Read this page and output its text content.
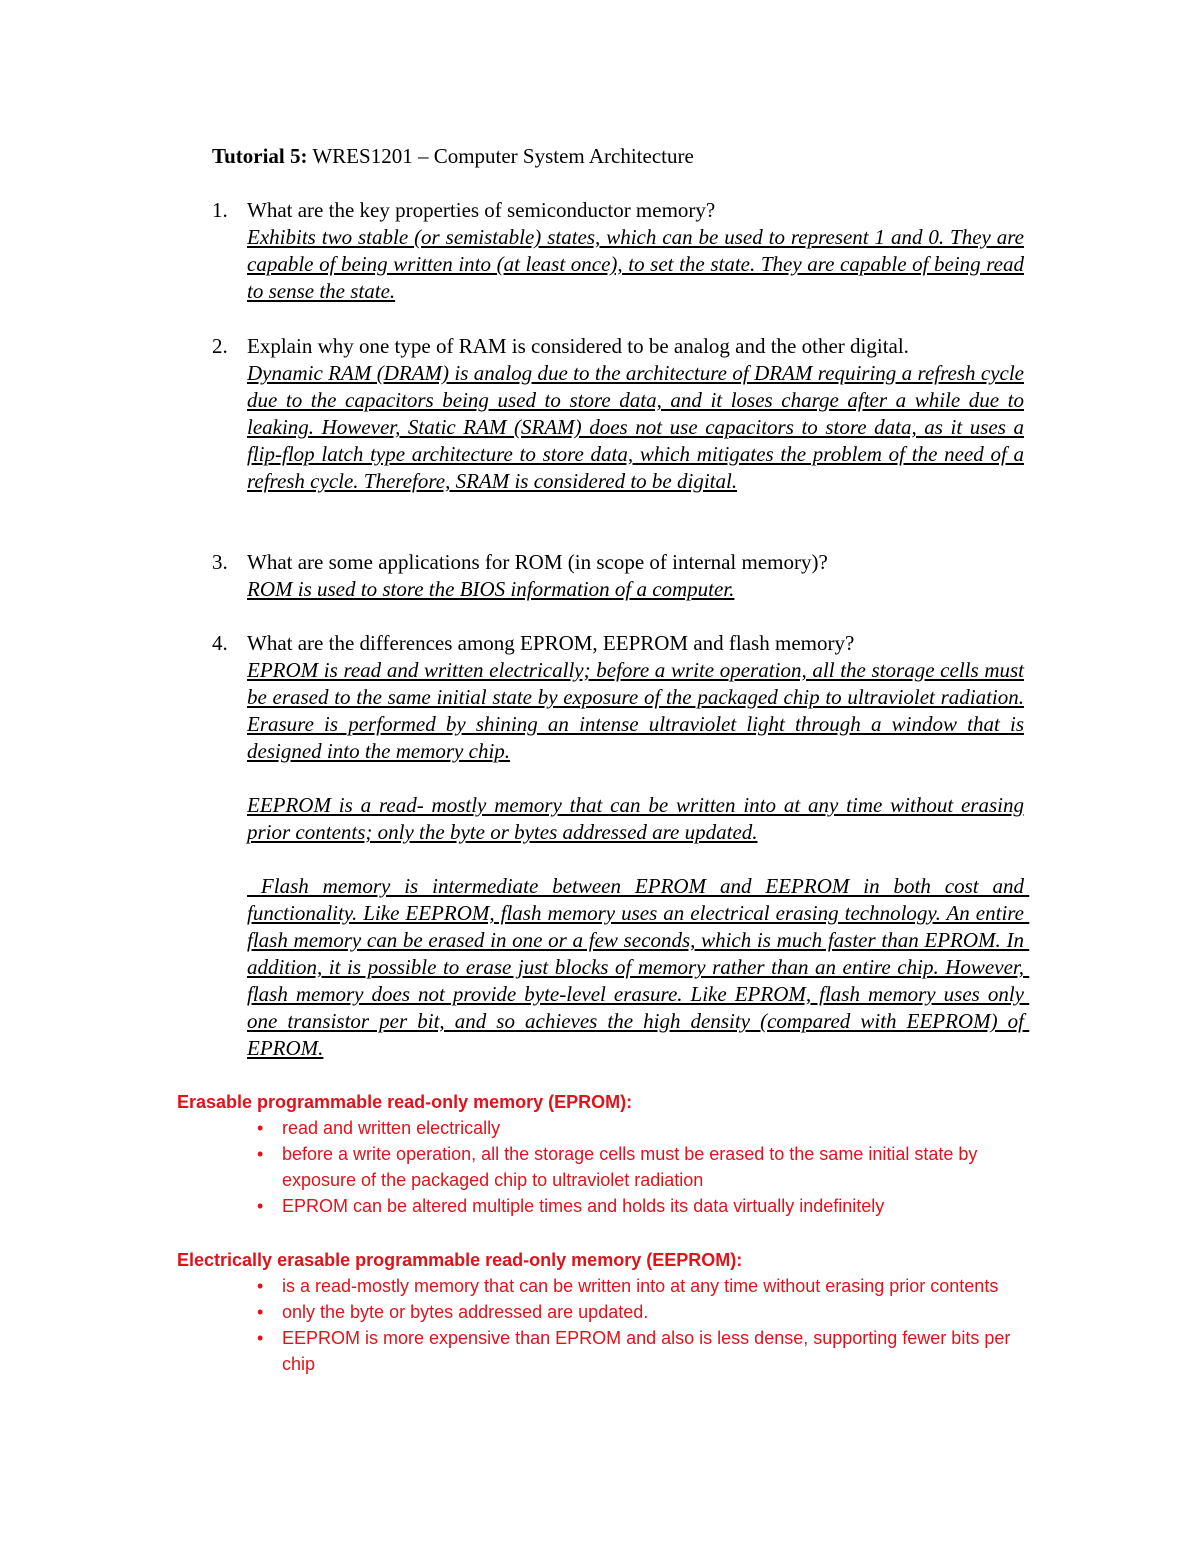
Tutorial 5: WRES1201 – Computer System Architecture
1. What are the key properties of semiconductor memory?
Exhibits two stable (or semistable) states, which can be used to represent 1 and 0. They are capable of being written into (at least once), to set the state. They are capable of being read to sense the state.
2. Explain why one type of RAM is considered to be analog and the other digital.
Dynamic RAM (DRAM) is analog due to the architecture of DRAM requiring a refresh cycle due to the capacitors being used to store data, and it loses charge after a while due to leaking. However, Static RAM (SRAM) does not use capacitors to store data, as it uses a flip-flop latch type architecture to store data, which mitigates the problem of the need of a refresh cycle. Therefore, SRAM is considered to be digital.
3. What are some applications for ROM (in scope of internal memory)?
ROM is used to store the BIOS information of a computer.
4. What are the differences among EPROM, EEPROM and flash memory?
EPROM is read and written electrically; before a write operation, all the storage cells must be erased to the same initial state by exposure of the packaged chip to ultraviolet radiation. Erasure is performed by shining an intense ultraviolet light through a window that is designed into the memory chip.
EEPROM is a read- mostly memory that can be written into at any time without erasing prior contents; only the byte or bytes addressed are updated.
Flash memory is intermediate between EPROM and EEPROM in both cost and functionality. Like EEPROM, flash memory uses an electrical erasing technology. An entire flash memory can be erased in one or a few seconds, which is much faster than EPROM. In addition, it is possible to erase just blocks of memory rather than an entire chip. However, flash memory does not provide byte-level erasure. Like EPROM, flash memory uses only one transistor per bit, and so achieves the high density (compared with EEPROM) of EPROM.
Erasable programmable read-only memory (EPROM):
• read and written electrically
• before a write operation, all the storage cells must be erased to the same initial state by exposure of the packaged chip to ultraviolet radiation
• EPROM can be altered multiple times and holds its data virtually indefinitely
Electrically erasable programmable read-only memory (EEPROM):
• is a read-mostly memory that can be written into at any time without erasing prior contents
• only the byte or bytes addressed are updated.
• EEPROM is more expensive than EPROM and also is less dense, supporting fewer bits per chip
